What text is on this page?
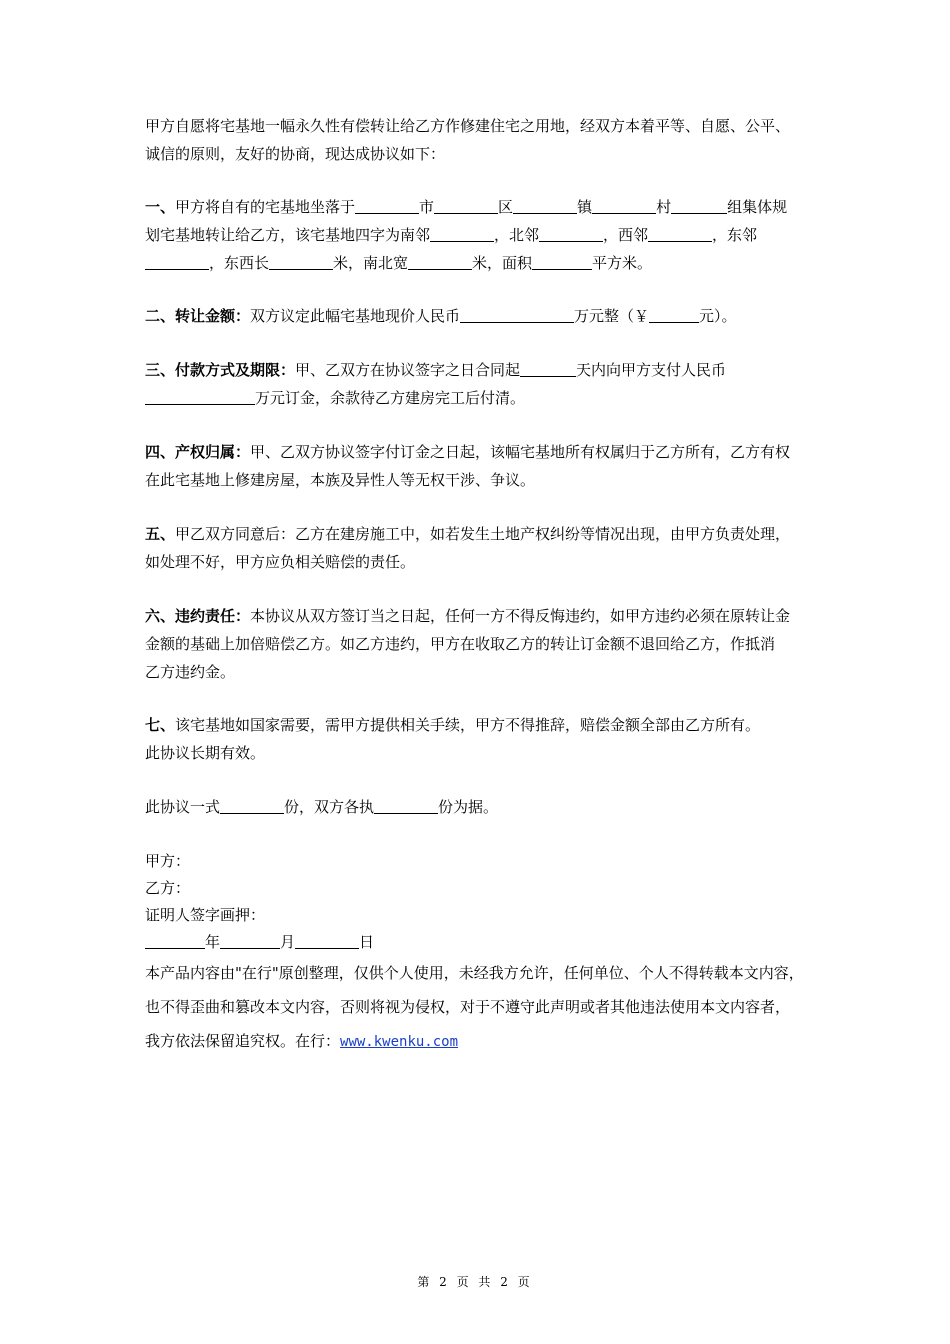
甲方自愿将宅基地一幅永久性有偿转让给乙方作修建住宅之用地，经双方本着平等、自愿、公平、
诚信的原则，友好的协商，现达成协议如下：
一、甲方将自有的宅基地坐落于	市	区	镇	村	组集体规
划宅基地转让给乙方，该宅基地四字为南邻	，北邻	，西邻	，东邻
，东西长	米，南北宽	米，面积	平方米。
二、转让金额：双方议定此幅宅基地现价人民币	万元整（￥	元）。
三、付款方式及期限：甲、乙双方在协议签字之日合同起	天内向甲方支付人民币
万元订金，余款待乙方建房完工后付清。
四、产权归属：甲、乙双方协议签字付订金之日起，该幅宅基地所有权属归于乙方所有，乙方有权
在此宅基地上修建房屋，本族及异性人等无权干涉、争议。
五、甲乙双方同意后：乙方在建房施工中，如若发生土地产权纠纷等情况出现，由甲方负责处理，
如处理不好，甲方应负相关赔偿的责任。
六、违约责任：本协议从双方签订当之日起，任何一方不得反悔违约，如甲方违约必须在原转让金
金额的基础上加倍赔偿乙方。如乙方违约，甲方在收取乙方的转让订金额不退回给乙方，作抵消
乙方违约金。
七、该宅基地如国家需要，需甲方提供相关手续，甲方不得推辞，赔偿金额全部由乙方所有。
此协议长期有效。
此协议一式	份，双方各执	份为据。
甲方：
乙方：
证明人签字画押：
年	月	日
本产品内容由"在行"原创整理，仅供个人使用，未经我方允许，任何单位、个人不得转载本文内容，
也不得歪曲和篡改本文内容，否则将视为侵权，对于不遵守此声明或者其他违法使用本文内容者，
我方依法保留追究权。在行：www.kwenku.com
第 2 页 共 2 页
